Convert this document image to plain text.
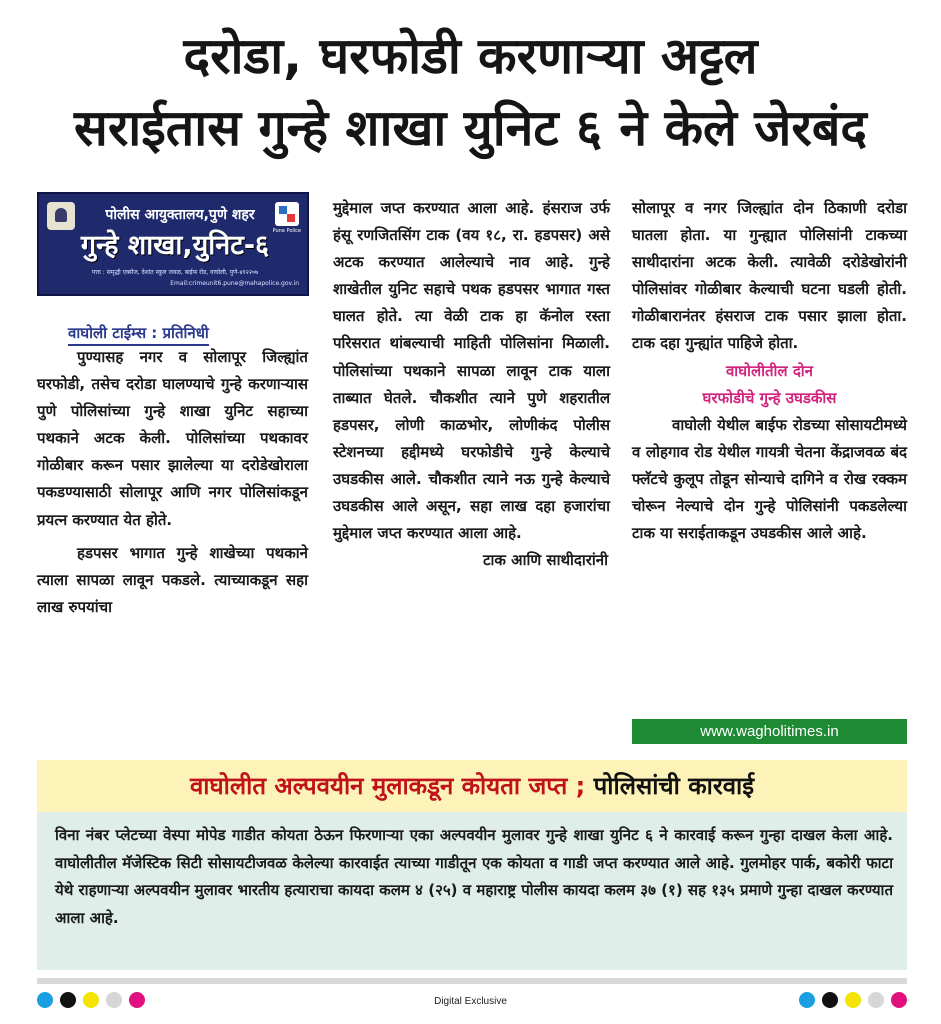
दरोडा, घरफोडी करणाऱ्या अट्टल
सराईतास गुन्हे शाखा युनिट ६ ने केले जेरबंद
Pune Police
पोलीस आयुक्तालय,पुणे शहर
गुन्हे शाखा,युनिट-६
पत्ता : समृद्धी एक्सेंज, देशांत स्कूल जवळ, बाईफ रोड, वाघोली, पुणे-४१२२०७
Email:crimeunit6.pune@mahapolice.gov.in
वाघोली टाईम्स : प्रतिनिधी

पुण्यासह नगर व सोलापूर जिल्ह्यांत घरफोडी, तसेच दरोडा घालण्याचे गुन्हे करणाऱ्यास पुणे पोलिसांच्या गुन्हे शाखा युनिट सहाच्या पथकाने अटक केली. पोलिसांच्या पथकावर गोळीबार करून पसार झालेल्या या दरोडेखोराला पकडण्यासाठी सोलापूर आणि नगर पोलिसांकडून प्रयत्न करण्यात येत होते.

हडपसर भागात गुन्हे शाखेच्या पथकाने त्याला सापळा लावून पकडले. त्याच्याकडून सहा लाख रुपयांचा

मुद्देमाल जप्त करण्यात आला आहे. हंसराज उर्फ हंसू रणजितसिंग टाक (वय १८, रा. हडपसर) असे अटक करण्यात आलेल्याचे नाव आहे. गुन्हे शाखेतील युनिट सहाचे पथक हडपसर भागात गस्त घालत होते. त्या वेळी टाक हा कॅनोल रस्ता परिसरात थांबल्याची माहिती पोलिसांना मिळाली. पोलिसांच्या पथकाने सापळा लावून टाक याला ताब्यात घेतले. चौकशीत त्याने पुणे शहरातील हडपसर, लोणी काळभोर, लोणीकंद पोलीस स्टेशनच्या हद्दीमध्ये घरफोडीचे गुन्हे केल्याचे उघडकीस आले. चौकशीत त्याने नऊ गुन्हे केल्याचे उघडकीस आले असून, सहा लाख दहा हजारांचा मुद्देमाल जप्त करण्यात आला आहे.

टाक आणि साथीदारांनी

सोलापूर व नगर जिल्ह्यांत दोन ठिकाणी दरोडा घातला होता. या गुन्ह्यात पोलिसांनी टाकच्या साथीदारांना अटक केली. त्यावेळी दरोडेखोरांनी पोलिसांवर गोळीबार केल्याची घटना घडली होती. गोळीबारानंतर हंसराज टाक पसार झाला होता. टाक दहा गुन्ह्यांत पाहिजे होता.

वाघोलीतील दोन
घरफोडीचे गुन्हे उघडकीस

वाघोली येथील बाईफ रोडच्या सोसायटीमध्ये व लोहगाव रोड येथील गायत्री चेतना केंद्राजवळ बंद फ्लॅटचे कुलूप तोडून सोन्याचे दागिने व रोख रक्कम चोरून नेल्याचे दोन गुन्हे पोलिसांनी पकडलेल्या टाक या सराईताकडून उघडकीस आले आहे.

www.wagholitimes.in
वाघोलीत अल्पवयीन मुलाकडून कोयता जप्त ; पोलिसांची कारवाई
विना नंबर प्लेटच्या वेस्पा मोपेड गाडीत कोयता ठेऊन फिरणाऱ्या एका अल्पवयीन मुलावर गुन्हे शाखा युनिट ६ ने कारवाई करून गुन्हा दाखल केला आहे. वाघोलीतील मॅजेस्टिक सिटी सोसायटीजवळ केलेल्या कारवाईत त्याच्या गाडीतून एक कोयता व गाडी जप्त करण्यात आले आहे. गुलमोहर पार्क, बकोरी फाटा येथे राहणाऱ्या अल्पवयीन मुलावर भारतीय हत्याराचा कायदा कलम ४ (२५) व महाराष्ट्र पोलीस कायदा कलम ३७ (१) सह १३५ प्रमाणे गुन्हा दाखल करण्यात आला आहे.
Digital Exclusive
